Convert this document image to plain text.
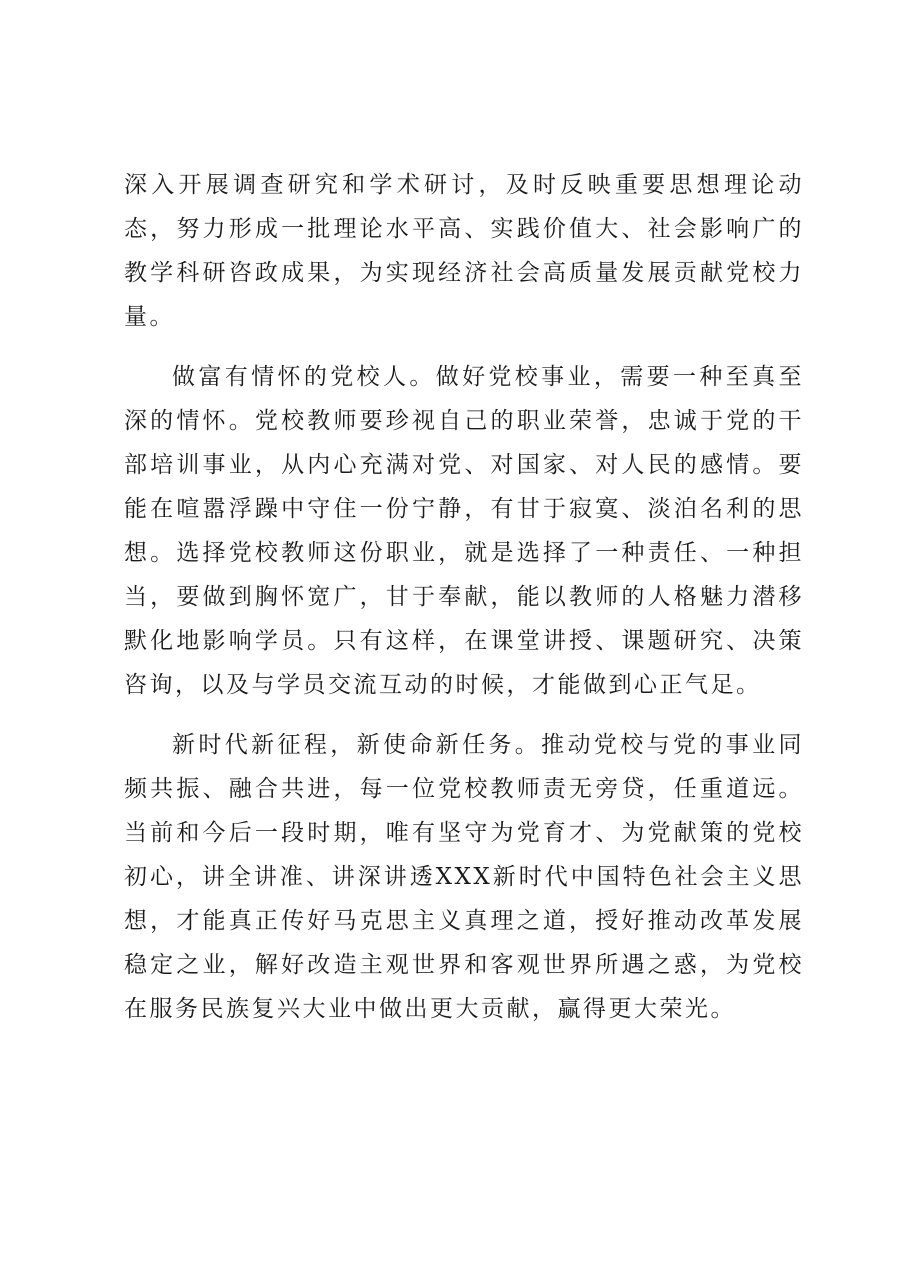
深入开展调查研究和学术研讨，及时反映重要思想理论动态，努力形成一批理论水平高、实践价值大、社会影响广的教学科研咨政成果，为实现经济社会高质量发展贡献党校力量。

做富有情怀的党校人。做好党校事业，需要一种至真至深的情怀。党校教师要珍视自己的职业荣誉，忠诚于党的干部培训事业，从内心充满对党、对国家、对人民的感情。要能在喧嚣浮躁中守住一份宁静，有甘于寂寞、淡泊名利的思想。选择党校教师这份职业，就是选择了一种责任、一种担当，要做到胸怀宽广，甘于奉献，能以教师的人格魅力潜移默化地影响学员。只有这样，在课堂讲授、课题研究、决策咨询，以及与学员交流互动的时候，才能做到心正气足。

新时代新征程，新使命新任务。推动党校与党的事业同频共振、融合共进，每一位党校教师责无旁贷，任重道远。当前和今后一段时期，唯有坚守为党育才、为党献策的党校初心，讲全讲准、讲深讲透XXX新时代中国特色社会主义思想，才能真正传好马克思主义真理之道，授好推动改革发展稳定之业，解好改造主观世界和客观世界所遇之惑，为党校在服务民族复兴大业中做出更大贡献，赢得更大荣光。
